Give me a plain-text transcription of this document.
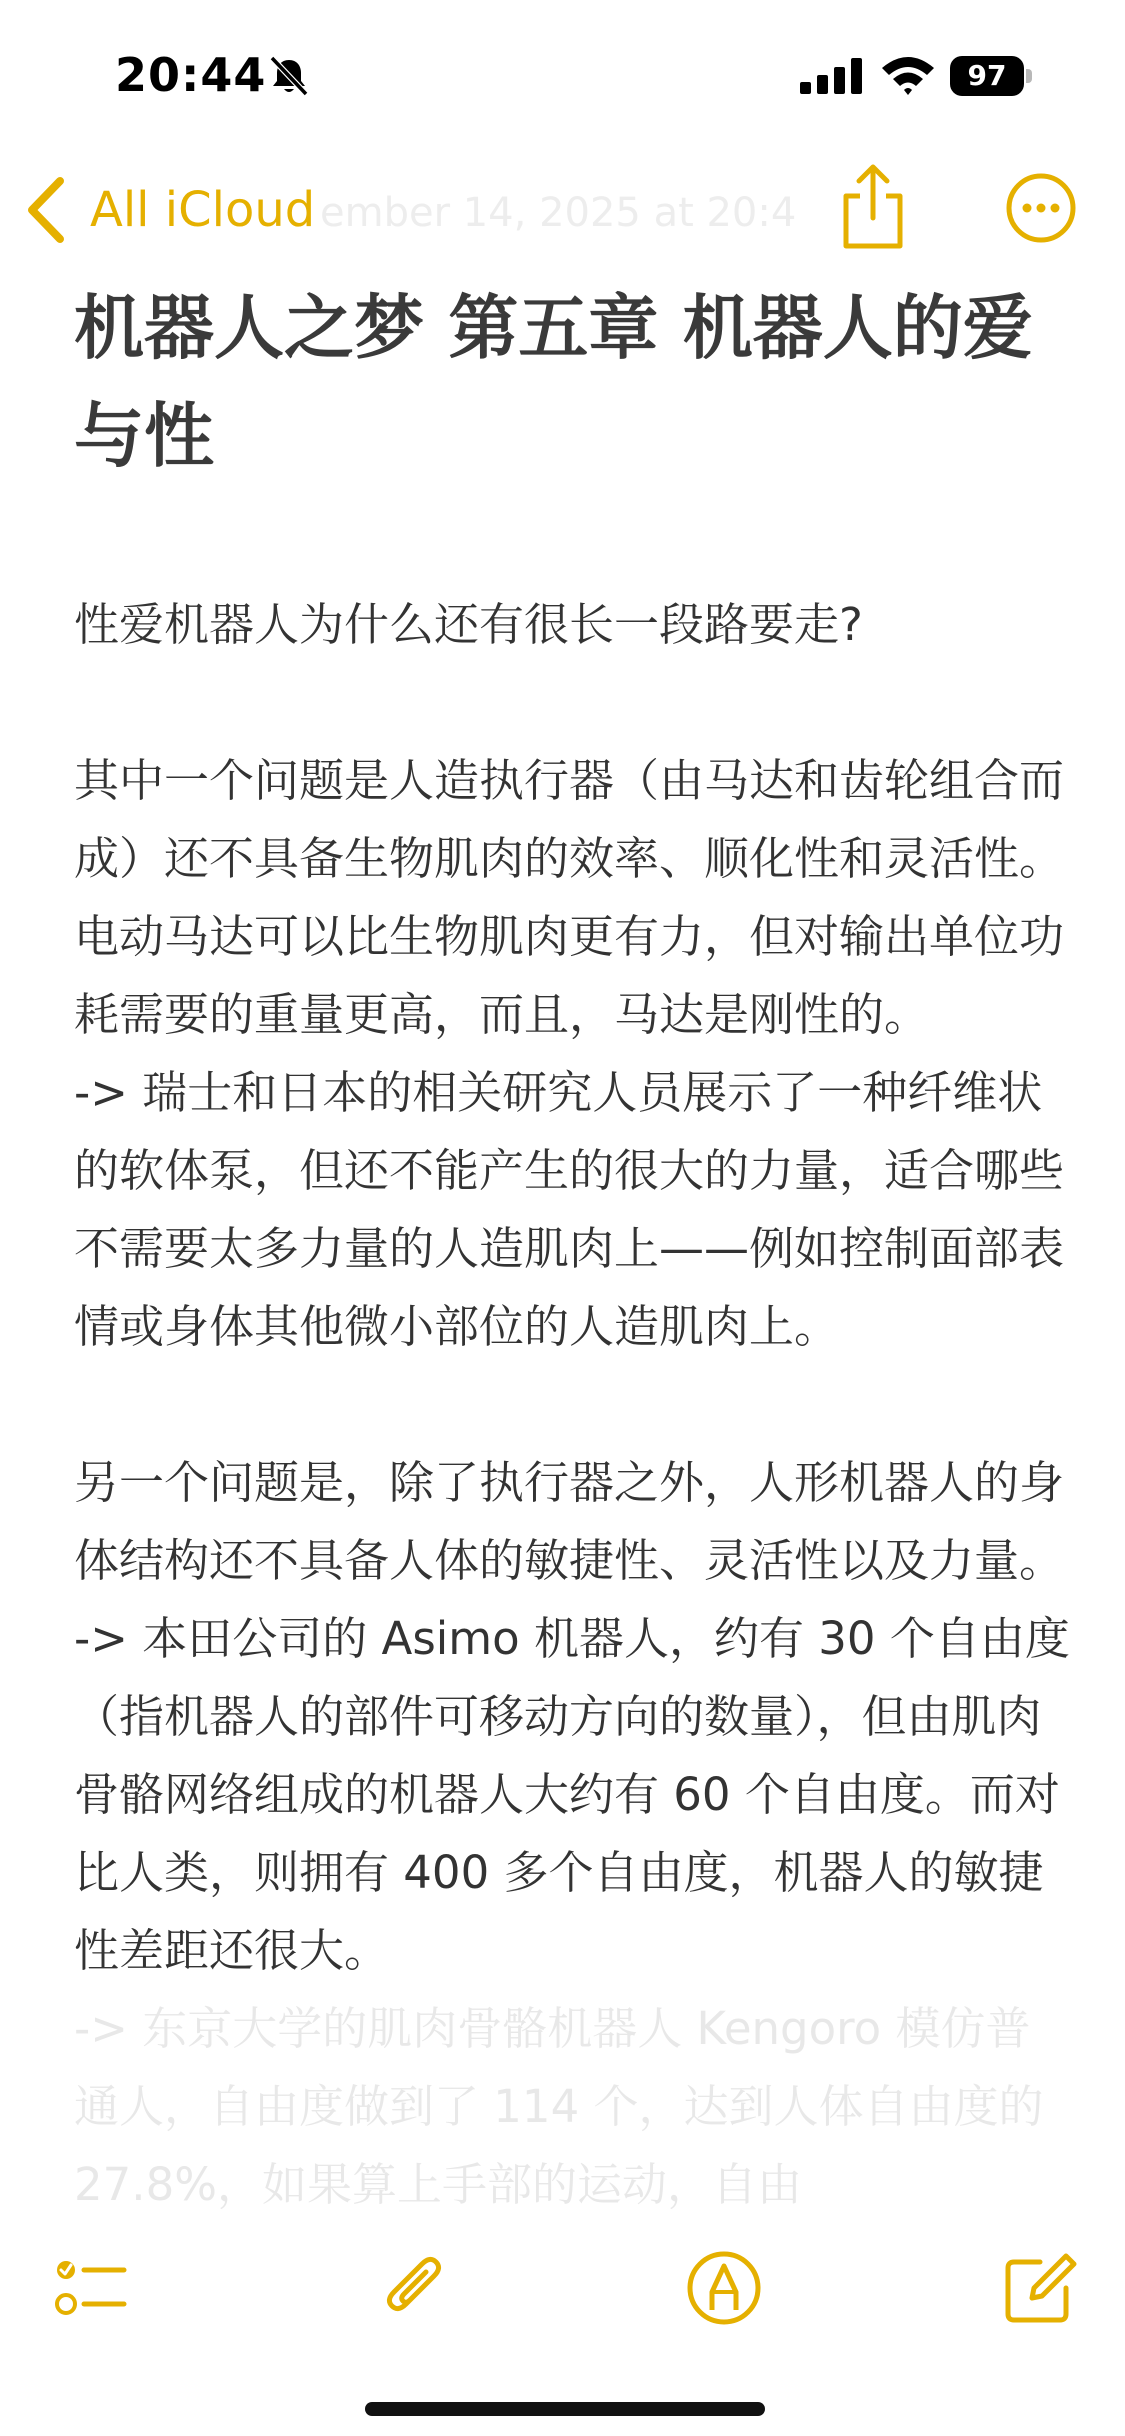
20:44	97
ember 14, 2025 at 20:4
All iCloud
机器人之梦 第五章 机器人的爱与性
性爱机器人为什么还有很长一段路要走?
其中一个问题是人造执行器（由马达和齿轮组合而成）还不具备生物肌肉的效率、顺化性和灵活性。电动马达可以比生物肌肉更有力，但对输出单位功耗需要的重量更高，而且，马达是刚性的。
-> 瑞士和日本的相关研究人员展示了一种纤维状的软体泵，但还不能产生的很大的力量，适合哪些不需要太多力量的人造肌肉上——例如控制面部表情或身体其他微小部位的人造肌肉上。
另一个问题是，除了执行器之外，人形机器人的身体结构还不具备人体的敏捷性、灵活性以及力量。
-> 本田公司的 Asimo 机器人，约有 30 个自由度（指机器人的部件可移动方向的数量），但由肌肉骨骼网络组成的机器人大约有 60 个自由度。而对比人类，则拥有 400 多个自由度，机器人的敏捷性差距还很大。
-> 东京大学的肌肉骨骼机器人 Kengoro 模仿普通人，自由度做到了 114 个，达到人体自由度的 27.8%，如果算上手部的运动，自由
